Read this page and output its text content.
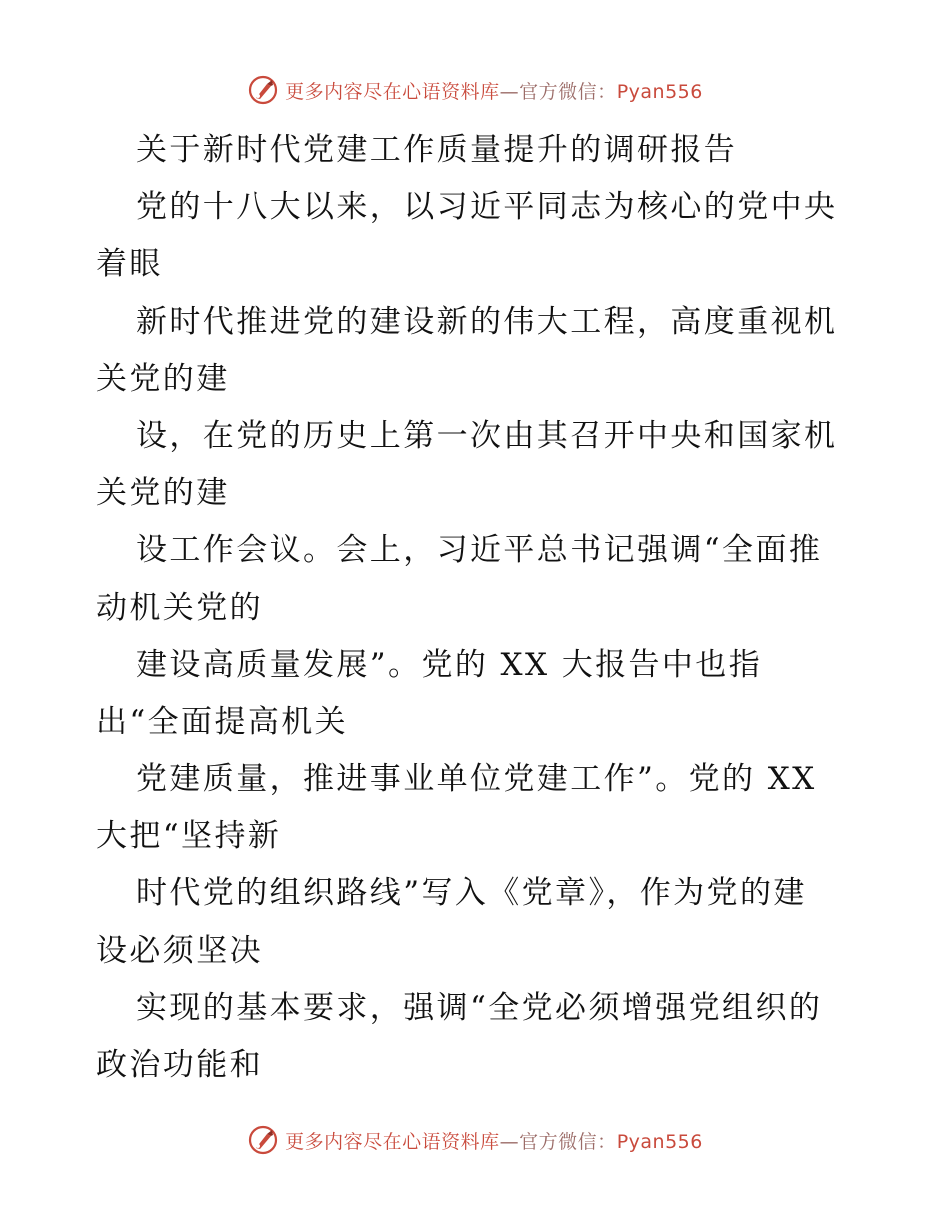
更多内容尽在心语资料库—官方微信：Pyan556
关于新时代党建工作质量提升的调研报告
党的十八大以来，以习近平同志为核心的党中央
着眼
新时代推进党的建设新的伟大工程，高度重视机
关党的建
设，在党的历史上第一次由其召开中央和国家机
关党的建
设工作会议。会上，习近平总书记强调“全面推
动机关党的
建设高质量发展”。党的 XX 大报告中也指
出“全面提高机关
党建质量，推进事业单位党建工作”。党的 XX
大把“坚持新
时代党的组织路线”写入《党章》，作为党的建
设必须坚决
实现的基本要求，强调“全党必须增强党组织的
政治功能和
更多内容尽在心语资料库—官方微信：Pyan556
